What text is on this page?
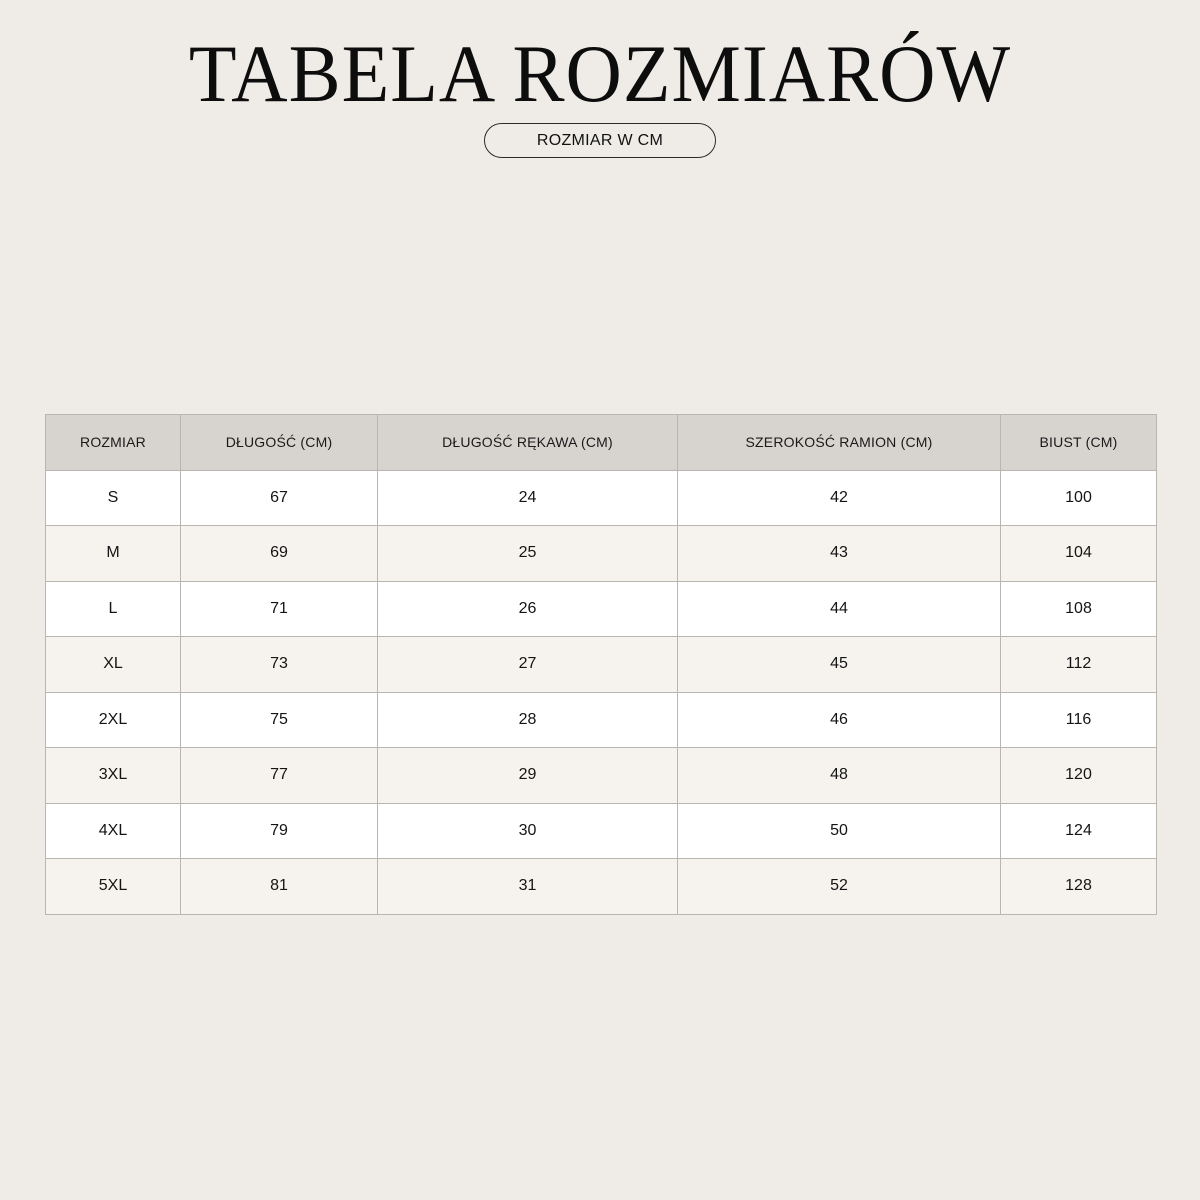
TABELA ROZMIARÓW
ROZMIAR W CM
ROZMIAR	DŁUGOŚĆ (CM)	DŁUGOŚĆ RĘKAWA (CM)	SZEROKOŚĆ RAMION (CM)	BIUST (CM)
S	67	24	42	100
M	69	25	43	104
L	71	26	44	108
XL	73	27	45	112
2XL	75	28	46	116
3XL	77	29	48	120
4XL	79	30	50	124
5XL	81	31	52	128
